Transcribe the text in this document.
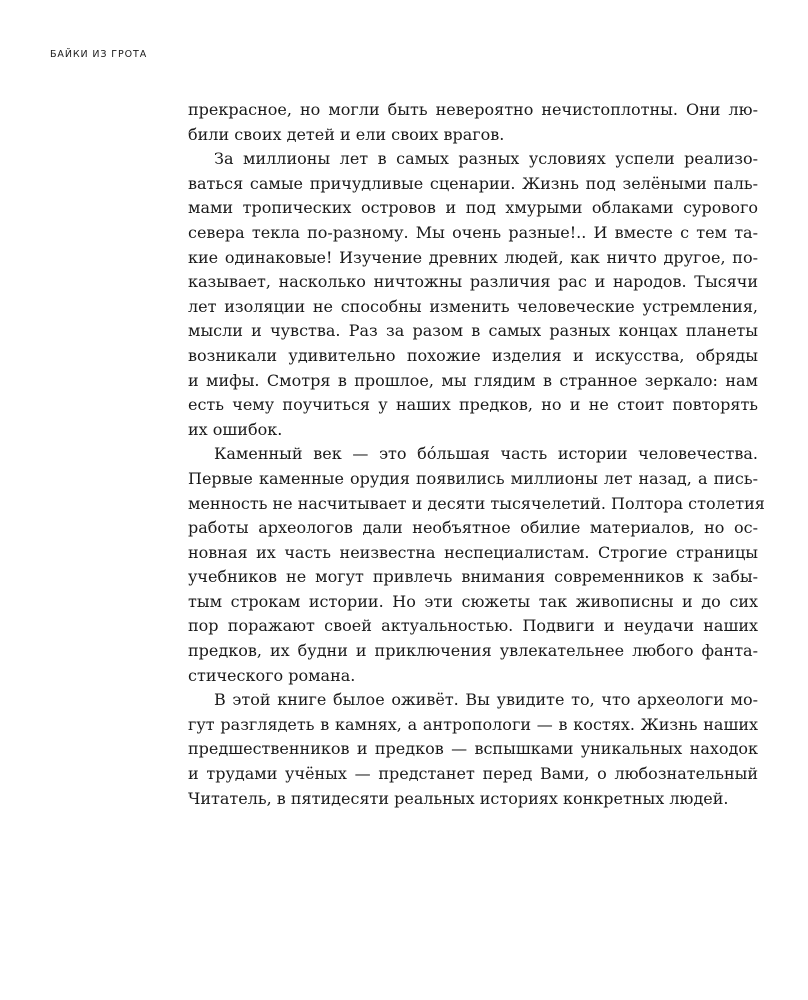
БАЙКИ ИЗ ГРОТА
прекрасное, но могли быть невероятно нечистоплотны. Они лю-
били своих детей и ели своих врагов.
За миллионы лет в самых разных условиях успели реализо-
ваться самые причудливые сценарии. Жизнь под зелёными паль-
мами тропических островов и под хмурыми облаками сурового
севера текла по-разному. Мы очень разные!.. И вместе с тем та-
кие одинаковые! Изучение древних людей, как ничто другое, по-
казывает, насколько ничтожны различия рас и народов. Тысячи
лет изоляции не способны изменить человеческие устремления,
мысли и чувства. Раз за разом в самых разных концах планеты
возникали удивительно похожие изделия и искусства, обряды
и мифы. Смотря в прошлое, мы глядим в странное зеркало: нам
есть чему поучиться у наших предков, но и не стоит повторять
их ошибок.
Каменный век — это бóльшая часть истории человечества.
Первые каменные орудия появились миллионы лет назад, а пись-
менность не насчитывает и десяти тысячелетий. Полтора столетия
работы археологов дали необъятное обилие материалов, но ос-
новная их часть неизвестна неспециалистам. Строгие страницы
учебников не могут привлечь внимания современников к забы-
тым строкам истории. Но эти сюжеты так живописны и до сих
пор поражают своей актуальностью. Подвиги и неудачи наших
предков, их будни и приключения увлекательнее любого фанта-
стического романа.
В этой книге былое оживёт. Вы увидите то, что археологи мо-
гут разглядеть в камнях, а антропологи — в костях. Жизнь наших
предшественников и предков — вспышками уникальных находок
и трудами учёных — предстанет перед Вами, о любознательный
Читатель, в пятидесяти реальных историях конкретных людей.
